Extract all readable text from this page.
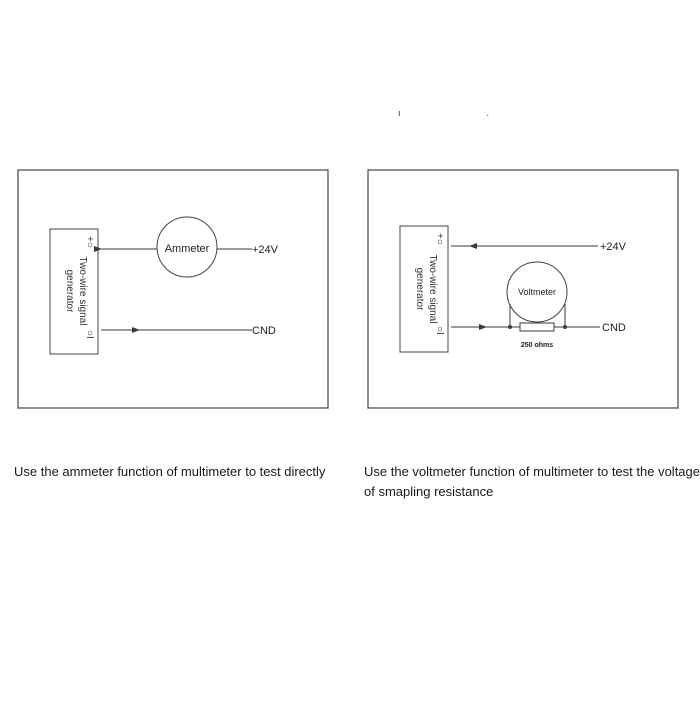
Two-wire signal
generator
+○
○I
Ammeter	+24V
CND
ı	ˏ
Two-wire signal
generator
+○
○I
+24V
Voltmeter
250 ohms
CND

Use the ammeter function of multimeter to test directly	Use the voltmeter function of multimeter to test the voltage of smapling resistance
